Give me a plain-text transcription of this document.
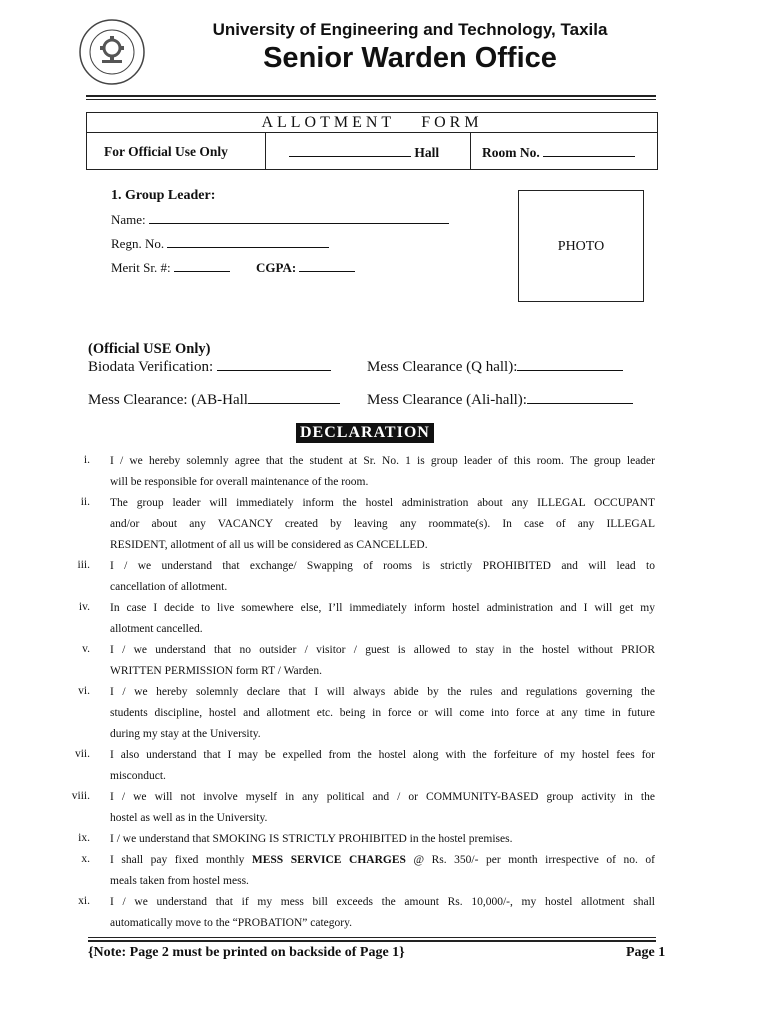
University of Engineering and Technology, Taxila
Senior Warden Office
ALLOTMENT FORM
For Official Use Only	Hall	Room No.
1. Group Leader:
Name:
Regn. No.
Merit Sr. #:	CGPA:
PHOTO
(Official USE Only)
Biodata Verification:	Mess Clearance (Q hall):
Mess Clearance: (AB-Hall	Mess Clearance (Ali-hall):
DECLARATION
i. I / we hereby solemnly agree that the student at Sr. No. 1 is group leader of this room. The group leader
will be responsible for overall maintenance of the room.
ii. The group leader will immediately inform the hostel administration about any ILLEGAL OCCUPANT
and/or about any VACANCY created by leaving any roommate(s). In case of any ILLEGAL
RESIDENT, allotment of all us will be considered as CANCELLED.
iii. I / we understand that exchange/ Swapping of rooms is strictly PROHIBITED and will lead to
cancellation of allotment.
iv. In case I decide to live somewhere else, I’ll immediately inform hostel administration and I will get my
allotment cancelled.
v. I / we understand that no outsider / visitor / guest is allowed to stay in the hostel without PRIOR
WRITTEN PERMISSION form RT / Warden.
vi. I / we hereby solemnly declare that I will always abide by the rules and regulations governing the
students discipline, hostel and allotment etc. being in force or will come into force at any time in future
during my stay at the University.
vii. I also understand that I may be expelled from the hostel along with the forfeiture of my hostel fees for
misconduct.
viii. I / we will not involve myself in any political and / or COMMUNITY-BASED group activity in the
hostel as well as in the University.
ix. I / we understand that SMOKING IS STRICTLY PROHIBITED in the hostel premises.
x. I shall pay fixed monthly MESS SERVICE CHARGES @ Rs. 350/- per month irrespective of no. of
meals taken from hostel mess.
xi. I / we understand that if my mess bill exceeds the amount Rs. 10,000/-, my hostel allotment shall
automatically move to the “PROBATION” category.
{Note: Page 2 must be printed on backside of Page 1}	Page 1
